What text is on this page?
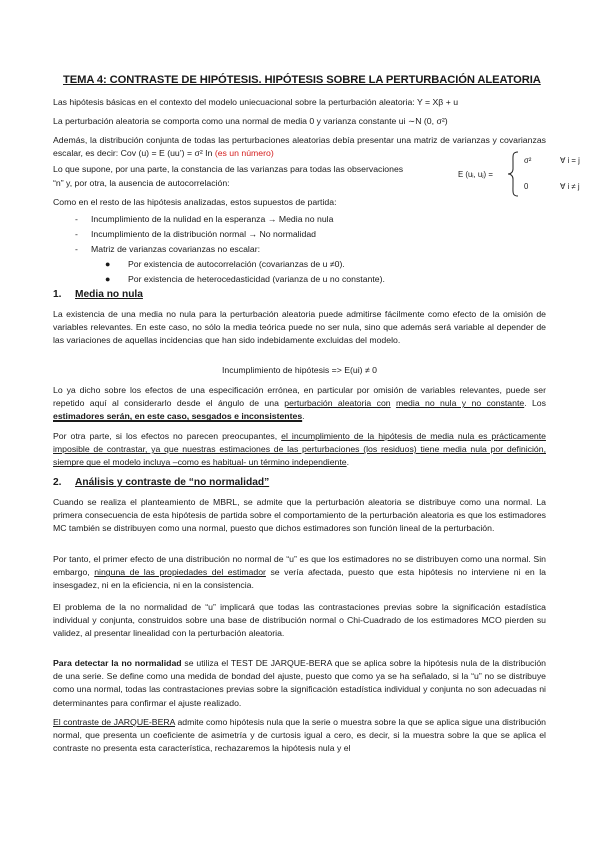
TEMA 4: CONTRASTE DE HIPÓTESIS. HIPÓTESIS SOBRE LA PERTURBACIÓN ALEATORIA
Las hipótesis básicas en el contexto del modelo uniecuacional sobre la perturbación aleatoria: Y = Xβ + u
La perturbación aleatoria se comporta como una normal de media 0 y varianza constante ui ∼N (0, σ²)
Además, la distribución conjunta de todas las perturbaciones aleatorias debía presentar una matriz de varianzas y covarianzas escalar, es decir: Cov (u) = E (uu’) = σ² In (es un número)
Lo que supone, por una parte, la constancia de las varianzas para todas las observaciones
“n” y, por otra, la ausencia de autocorrelación:
E (uᵢ, uⱼ) =
σ²	∀ i = j
0	∀ i ≠ j
Como en el resto de las hipótesis analizadas, estos supuestos de partida:
- Incumplimiento de la nulidad en la esperanza → Media no nula
- Incumplimiento de la distribución normal → No normalidad
- Matriz de varianzas covarianzas no escalar:
● Por existencia de autocorrelación (covarianzas de u ≠0).
● Por existencia de heterocedasticidad (varianza de u no constante).
1. Media no nula
La existencia de una media no nula para la perturbación aleatoria puede admitirse fácilmente como efecto de la omisión de variables relevantes. En este caso, no sólo la media teórica puede no ser nula, sino que además será variable al depender de las variaciones de aquellas incidencias que han sido indebidamente excluidas del modelo.
Incumplimiento de hipótesis => E(ui) ≠ 0
Lo ya dicho sobre los efectos de una especificación errónea, en particular por omisión de variables relevantes, puede ser repetido aquí al considerarlo desde el ángulo de una perturbación aleatoria con media no nula y no constante. Los estimadores serán, en este caso, sesgados e inconsistentes.
Por otra parte, si los efectos no parecen preocupantes, el incumplimiento de la hipótesis de media nula es prácticamente imposible de contrastar, ya que nuestras estimaciones de las perturbaciones (los residuos) tiene media nula por definición, siempre que el modelo incluya –como es habitual- un término independiente.
2. Análisis y contraste de “no normalidad”
Cuando se realiza el planteamiento de MBRL, se admite que la perturbación aleatoria se distribuye como una normal. La primera consecuencia de esta hipótesis de partida sobre el comportamiento de la perturbación aleatoria es que los estimadores MC también se distribuyen como una normal, puesto que dichos estimadores son función lineal de la perturbación.
Por tanto, el primer efecto de una distribución no normal de “u” es que los estimadores no se distribuyen como una normal. Sin embargo, ninguna de las propiedades del estimador se vería afectada, puesto que esta hipótesis no interviene ni en la insesgadez, ni en la eficiencia, ni en la consistencia.
El problema de la no normalidad de “u” implicará que todas las contrastaciones previas sobre la significación estadística individual y conjunta, construidos sobre una base de distribución normal o Chi-Cuadrado de los estimadores MCO pierden su validez, al presentar linealidad con la perturbación aleatoria.
Para detectar la no normalidad se utiliza el TEST DE JARQUE-BERA que se aplica sobre la hipótesis nula de la distribución de una serie. Se define como una medida de bondad del ajuste, puesto que como ya se ha señalado, si la “u” no se distribuye como una normal, todas las contrastaciones previas sobre la significación estadística individual y conjunta no son adecuadas ni determinantes para confirmar el ajuste realizado.
El contraste de JARQUE-BERA admite como hipótesis nula que la serie o muestra sobre la que se aplica sigue una distribución normal, que presenta un coeficiente de asimetría y de curtosis igual a cero, es decir, si la muestra sobre la que se aplica el contraste no presenta esta característica, rechazaremos la hipótesis nula y el
